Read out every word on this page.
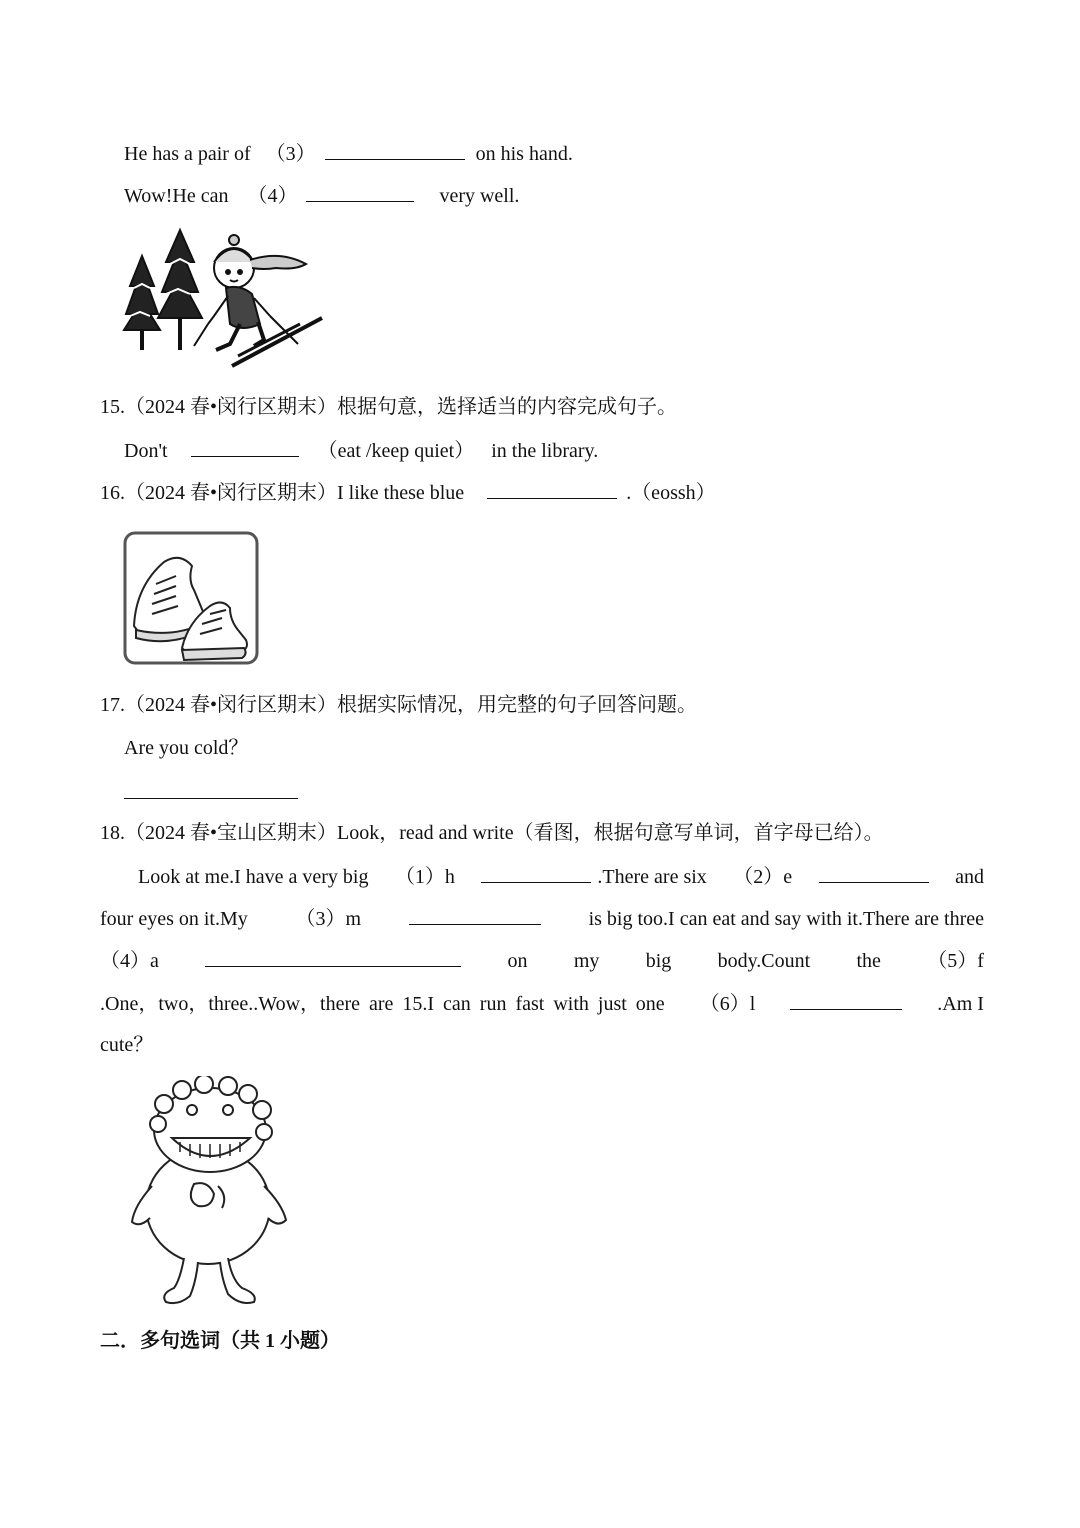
He has a pair of （3）	on his hand.
Wow!He can （4）	very well.
15.（2024 春•闵行区期末）根据句意，选择适当的内容完成句子。
Don't	（eat /keep quiet） in the library.
16.（2024 春•闵行区期末）I like these blue	.（eossh）
17.（2024 春•闵行区期末）根据实际情况，用完整的句子回答问题。
Are you cold？
18.（2024 春•宝山区期末）Look，read and write（看图，根据句意写单词，首字母已给）。
Look at me.I have a very big （1）h	.There are six （2）e	and
four eyes on it.My （3）m	is big too.I can eat and say with it.There are three
（4）a	on my big body.Count the （5）f
.One，two，three..Wow，there are 15.I can run fast with just one （6）l	.Am I
cute？
二．多句选词（共 1 小题）
